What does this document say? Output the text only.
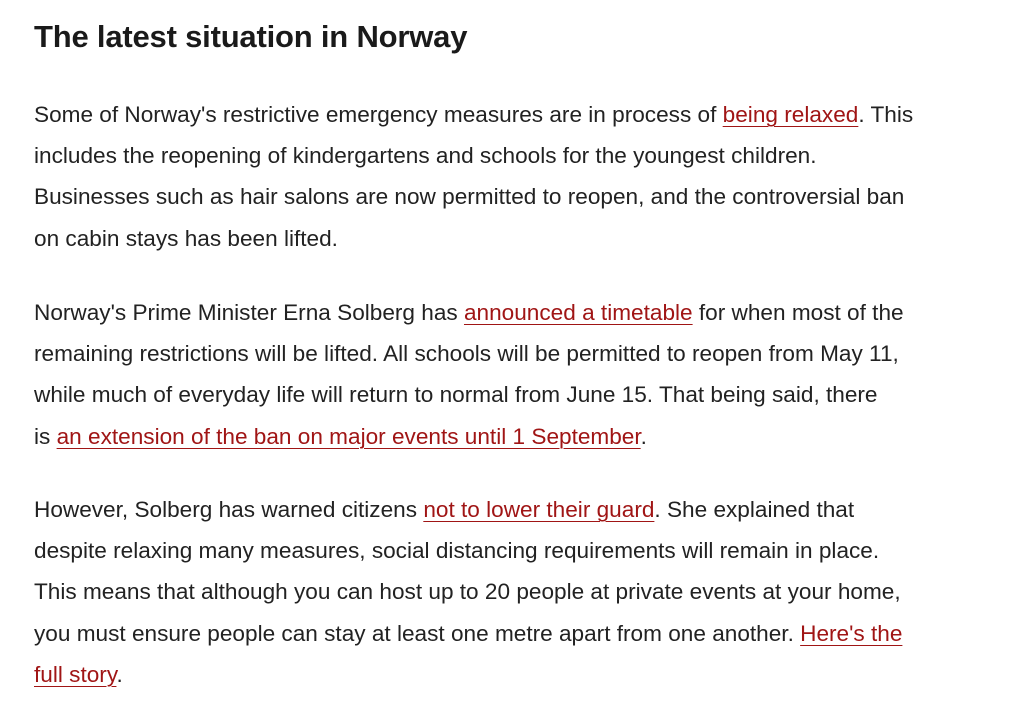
The latest situation in Norway

Some of Norway's restrictive emergency measures are in process of being relaxed. This
includes the reopening of kindergartens and schools for the youngest children.
Businesses such as hair salons are now permitted to reopen, and the controversial ban
on cabin stays has been lifted.

Norway's Prime Minister Erna Solberg has announced a timetable for when most of the
remaining restrictions will be lifted. All schools will be permitted to reopen from May 11,
while much of everyday life will return to normal from June 15. That being said, there
is an extension of the ban on major events until 1 September.

However, Solberg has warned citizens not to lower their guard. She explained that
despite relaxing many measures, social distancing requirements will remain in place.
This means that although you can host up to 20 people at private events at your home,
you must ensure people can stay at least one metre apart from one another. Here's the
full story.
